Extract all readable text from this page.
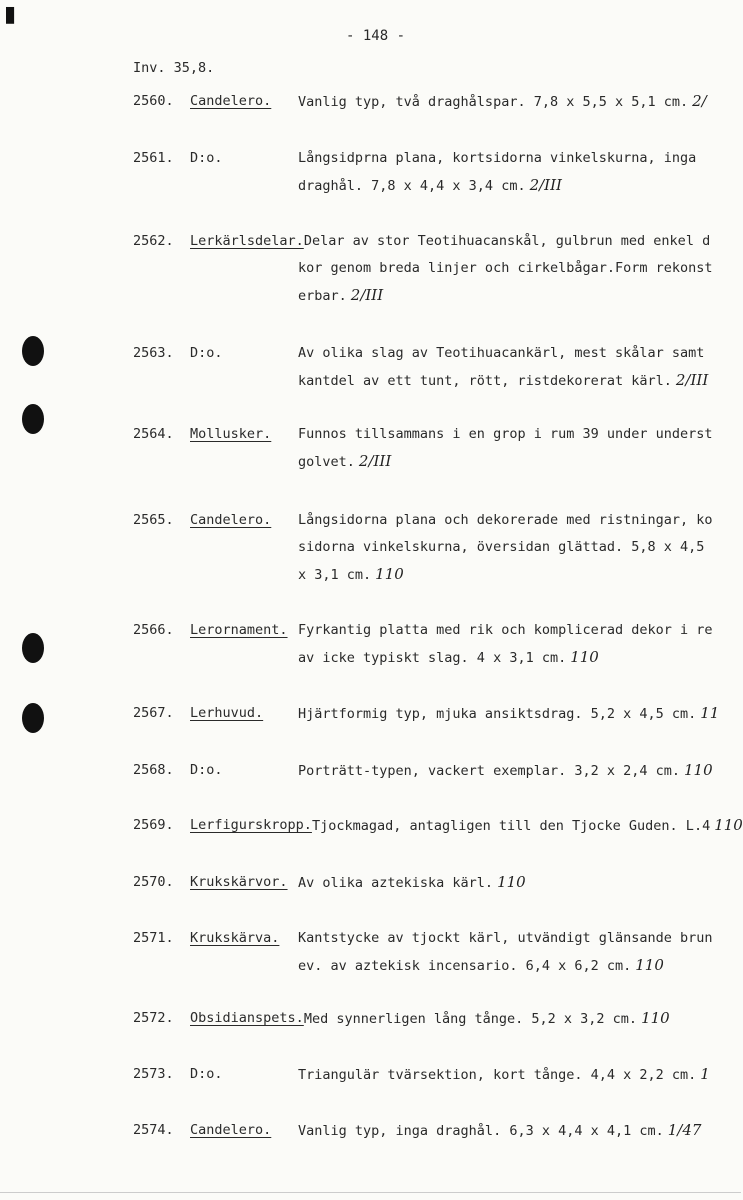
▮
- 148 -
Inv. 35,8.
2560. Candelero. Vanlig typ, två draghålspar. 7,8 x 5,5 x 5,1 cm. 2/
2561. D:o.	Långsidprna plana, kortsidorna vinkelskurna, inga
draghål. 7,8 x 4,4 x 3,4 cm. 2/III
2562. Lerkärlsdelar. Delar av stor Teotihuacanskål, gulbrun med enkel d
kor genom breda linjer och cirkelbågar.Form rekonst
erbar. 2/III
2563. D:o.	Av olika slag av Teotihuacankärl, mest skålar samt
kantdel av ett tunt, rött, ristdekorerat kärl. 2/III
2564. Mollusker. Funnos tillsammans i en grop i rum 39 under underst
golvet. 2/III
2565. Candelero. Långsidorna plana och dekorerade med ristningar, ko
sidorna vinkelskurna, översidan glättad. 5,8 x 4,5
x 3,1 cm. 110
2566. Lerornament. Fyrkantig platta med rik och komplicerad dekor i re
av icke typiskt slag. 4 x 3,1 cm. 110
2567. Lerhuvud.	Hjärtformig typ, mjuka ansiktsdrag. 5,2 x 4,5 cm. 11
2568. D:o.	Porträtt-typen, vackert exemplar. 3,2 x 2,4 cm. 110
2569. Lerfigurskropp. Tjockmagad, antagligen till den Tjocke Guden. L.4 110
2570. Krukskärvor. Av olika aztekiska kärl. 110
2571. Krukskärva. Kantstycke av tjockt kärl, utvändigt glänsande brun
ev. av aztekisk incensario. 6,4 x 6,2 cm. 110
2572. Obsidianspets. Med synnerligen lång tånge. 5,2 x 3,2 cm. 110
2573. D:o.	Triangulär tvärsektion, kort tånge. 4,4 x 2,2 cm. 1
2574. Candelero. Vanlig typ, inga draghål. 6,3 x 4,4 x 4,1 cm. 1/47
